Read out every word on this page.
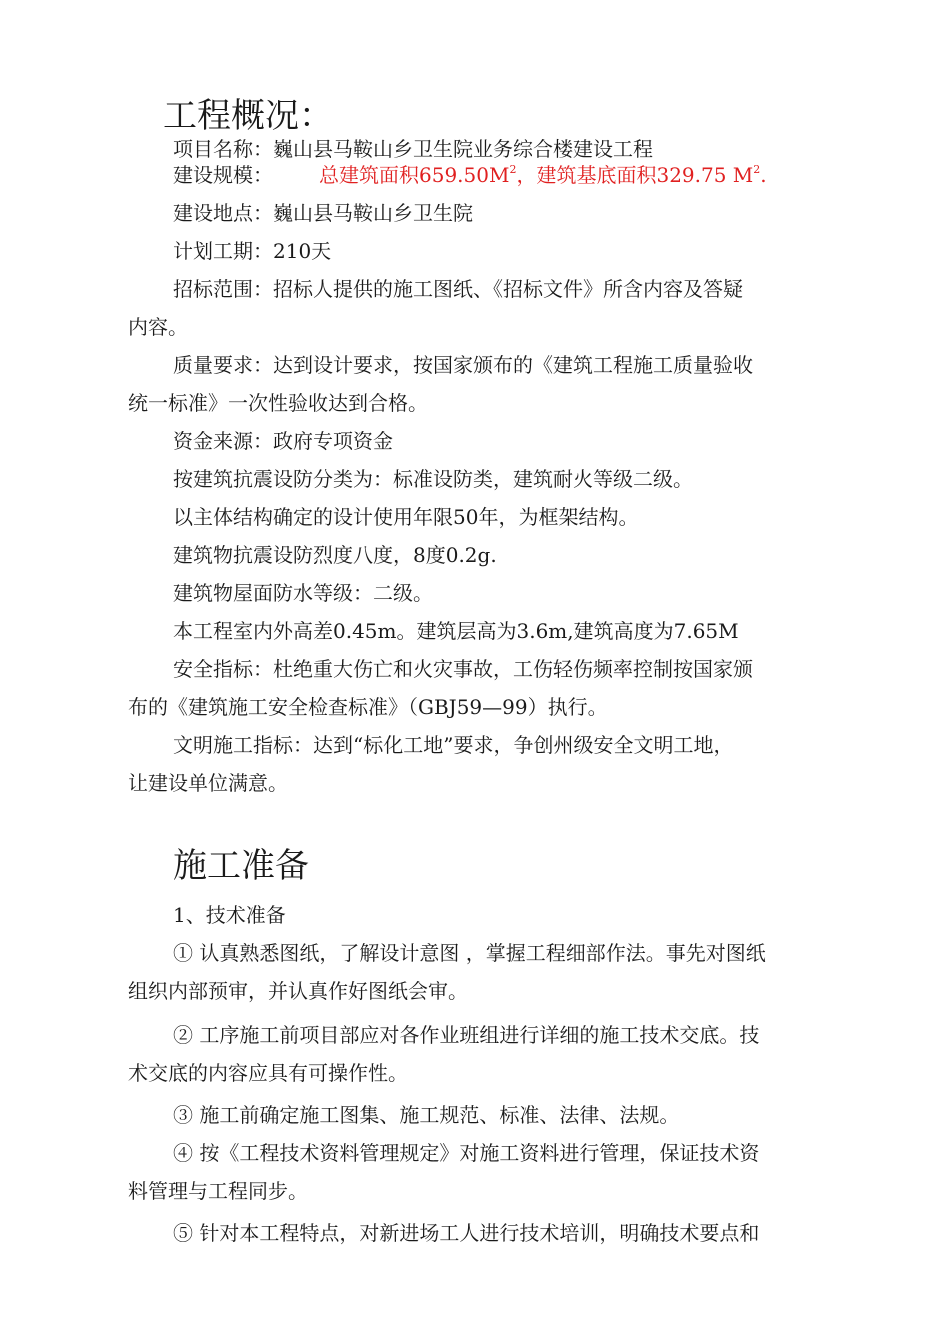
工程概况：
项目名称：巍山县马鞍山乡卫生院业务综合楼建设工程
建设规模： 总建筑面积$659.50M^2$，建筑基底面积329.75 $M^2$.
建设地点：巍山县马鞍山乡卫生院
计划工期：210天
招标范围：招标人提供的施工图纸、《招标文件》所含内容及答疑
内容。
质量要求：达到设计要求，按国家颁布的《建筑工程施工质量验收
统一标准》一次性验收达到合格。
资金来源：政府专项资金
按建筑抗震设防分类为：标准设防类，建筑耐火等级二级。
以主体结构确定的设计使用年限50年，为框架结构。
建筑物抗震设防烈度八度，8度0.2g.
建筑物屋面防水等级：二级。
本工程室内外高差0.45m。建筑层高为3.6m,建筑高度为7.65M
安全指标：杜绝重大伤亡和火灾事故，工伤轻伤频率控制按国家颁
布的《建筑施工安全检查标准》（GBJ59—99）执行。
文明施工指标：达到“标化工地”要求，争创州级安全文明工地，
让建设单位满意。
施工准备
1、技术准备
① 认真熟悉图纸，了解设计意图 ，掌握工程细部作法。事先对图纸
组织内部预审，并认真作好图纸会审。
② 工序施工前项目部应对各作业班组进行详细的施工技术交底。技
术交底的内容应具有可操作性。
③ 施工前确定施工图集、施工规范、标准、法律、法规。
④ 按《工程技术资料管理规定》对施工资料进行管理，保证技术资
料管理与工程同步。
⑤ 针对本工程特点，对新进场工人进行技术培训，明确技术要点和
